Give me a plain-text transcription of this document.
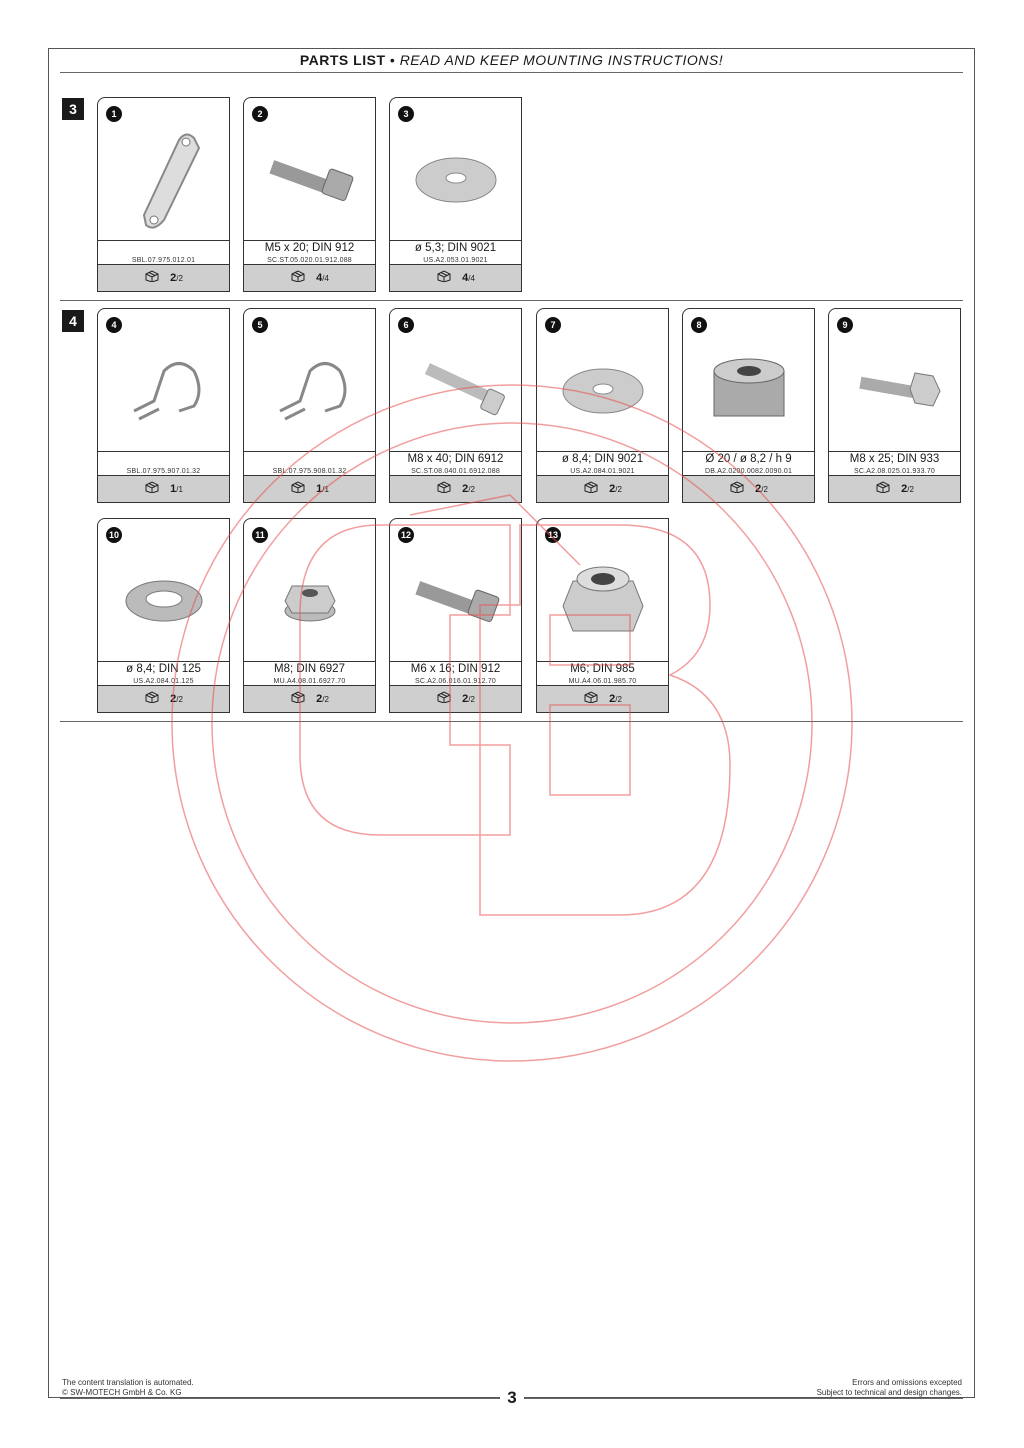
PARTS LIST • READ AND KEEP MOUNTING INSTRUCTIONS!
3
4
1
SBL.07.975.012.01
2/2
2
M5 x 20; DIN 912
SC.ST.05.020.01.912.088
4/4
3
ø 5,3; DIN 9021
US.A2.053.01.9021
4/4
4
SBL.07.975.907.01.32
1/1
5
SBL.07.975.908.01.32
1/1
6
M8 x 40; DIN 6912
SC.ST.08.040.01.6912.088
2/2
7
ø 8,4; DIN 9021
US.A2.084.01.9021
2/2
8
Ø 20 / ø 8,2 / h 9
DB.A2.0200.0082.0090.01
2/2
9
M8 x 25; DIN 933
SC.A2.08.025.01.933.70
2/2
10
ø 8,4; DIN 125
US.A2.084.01.125
2/2
11
M8; DIN 6927
MU.A4.08.01.6927.70
2/2
12
M6 x 16; DIN 912
SC.A2.06.016.01.912.70
2/2
13
M6; DIN 985
MU.A4.06.01.985.70
2/2
The content translation is automated.
© SW-MOTECH GmbH & Co. KG	3
Errors and omissions excepted
Subject to technical and design changes.
